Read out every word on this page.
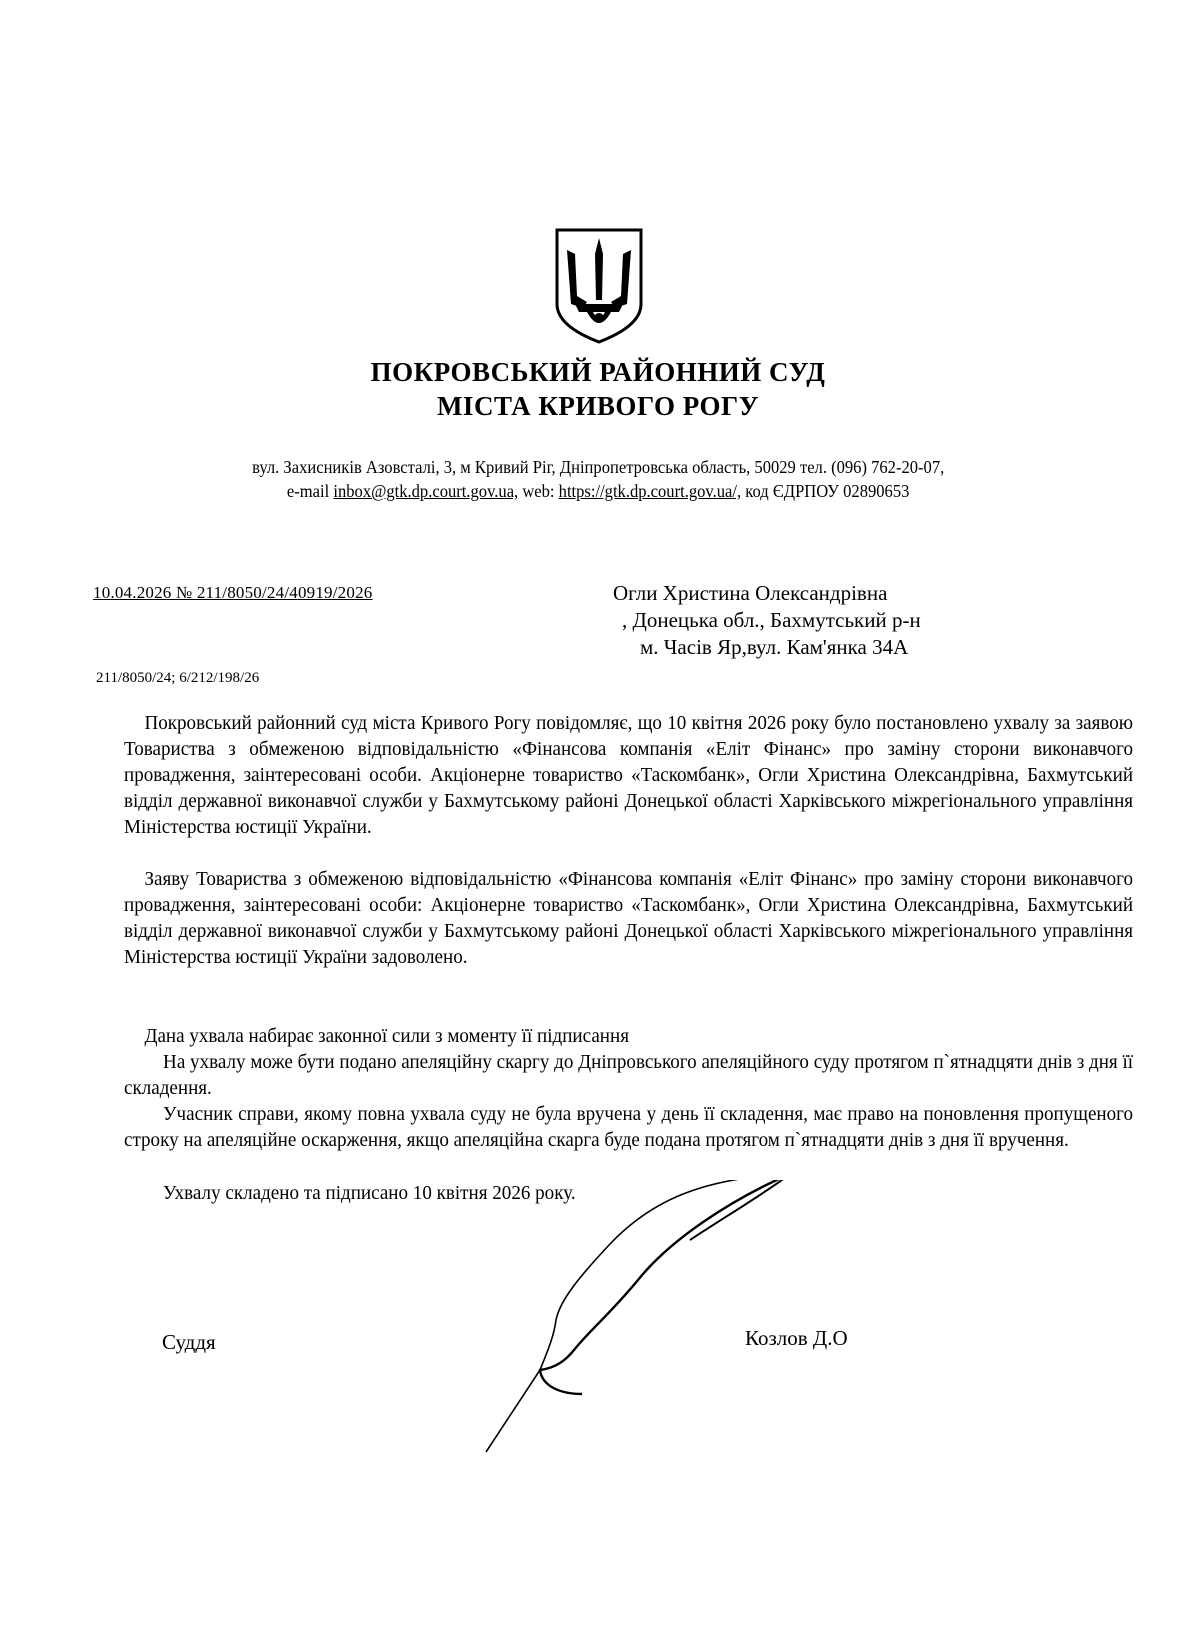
ПОКРОВСЬКИЙ РАЙОННИЙ СУД
МІСТА КРИВОГО РОГУ
вул. Захисників Азовсталі, 3, м Кривий Ріг, Дніпропетровська область, 50029 тел. (096) 762-20-07,
e-mail inbox@gtk.dp.court.gov.ua, web: https://gtk.dp.court.gov.ua/, код ЄДРПОУ 02890653
10.04.2026 № 211/8050/24/40919/2026
211/8050/24; 6/212/198/26
Огли Христина Олександрівна
, Донецька обл., Бахмутський р-н
м. Часів Яр,вул. Кам'янка 34А

Покровський районний суд міста Кривого Рогу повідомляє, що 10 квітня 2026 року було постановлено ухвалу за заявою Товариства з обмеженою відповідальністю «Фінансова компанія «Еліт Фінанс» про заміну сторони виконавчого провадження, заінтересовані особи. Акціонерне товариство «Таскомбанк», Огли Христина Олександрівна, Бахмутський відділ державної виконавчої служби у Бахмутському районі Донецької області Харківського міжрегіонального управління Міністерства юстиції України.

Заяву Товариства з обмеженою відповідальністю «Фінансова компанія «Еліт Фінанс» про заміну сторони виконавчого провадження, заінтересовані особи: Акціонерне товариство «Таскомбанк», Огли Христина Олександрівна, Бахмутський відділ державної виконавчої служби у Бахмутському районі Донецької області Харківського міжрегіонального управління Міністерства юстиції України задоволено.

Дана ухвала набирає законної сили з моменту її підписання

На ухвалу може бути подано апеляційну скаргу до Дніпровського апеляційного суду протягом п`ятнадцяти днів з дня її складення.

Учасник справи, якому повна ухвала суду не була вручена у день її складення, має право на поновлення пропущеного строку на апеляційне оскарження, якщо апеляційна скарга буде подана протягом п`ятнадцяти днів з дня її вручення.

Ухвалу складено та підписано 10 квітня 2026 року.

Суддя	Козлов Д.О
